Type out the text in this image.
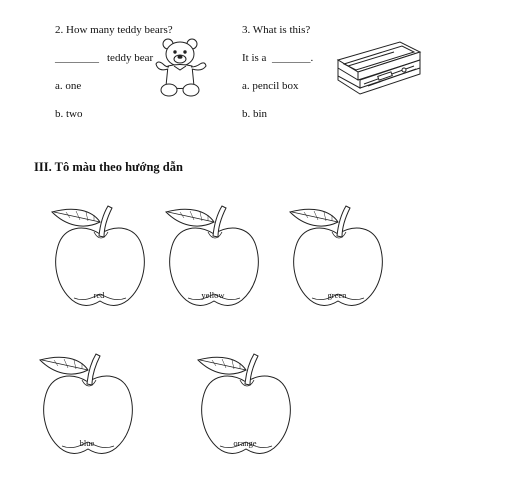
2. How many teddy bears?
________ teddy bear
a. one
b. two
3. What is this?
It is a _______.
a. pencil box
b. bin
III. Tô màu theo hướng dẫn
red	yellow	green
blue	orange
